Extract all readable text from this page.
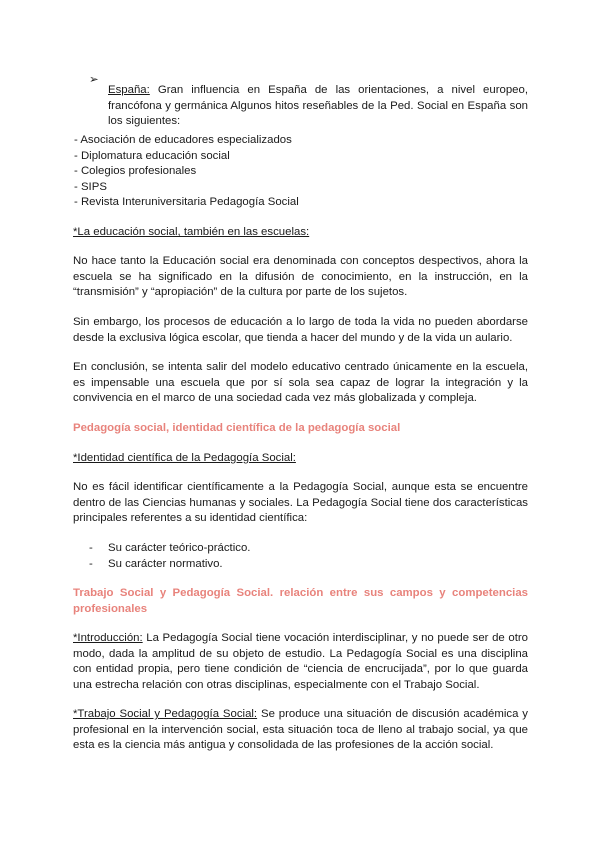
➢

España: Gran influencia en España de las orientaciones, a nivel europeo, francófona y germánica Algunos hitos reseñables de la Ped. Social en España son los siguientes:

- Asociación de educadores especializados
- Diplomatura educación social
- Colegios profesionales
- SIPS
- Revista Interuniversitaria Pedagogía Social

*La educación social, también en las escuelas:

No hace tanto la Educación social era denominada con conceptos despectivos, ahora la escuela se ha significado en la difusión de conocimiento, en la instrucción, en la “transmisión” y “apropiación” de la cultura por parte de los sujetos.

Sin embargo, los procesos de educación a lo largo de toda la vida no pueden abordarse desde la exclusiva lógica escolar, que tienda a hacer del mundo y de la vida un aulario.

En conclusión, se intenta salir del modelo educativo centrado únicamente en la escuela, es impensable una escuela que por sí sola sea capaz de lograr la integración y la convivencia en el marco de una sociedad cada vez más globalizada y compleja.

Pedagogía social, identidad científica de la pedagogía social

*Identidad científica de la Pedagogía Social:

No es fácil identificar científicamente a la Pedagogía Social, aunque esta se encuentre dentro de las Ciencias humanas y sociales. La Pedagogía Social tiene dos características principales referentes a su identidad científica:

- Su carácter teórico-práctico.
- Su carácter normativo.

Trabajo Social y Pedagogía Social. relación entre sus campos y competencias profesionales

*Introducción: La Pedagogía Social tiene vocación interdisciplinar, y no puede ser de otro modo, dada la amplitud de su objeto de estudio. La Pedagogía Social es una disciplina con entidad propia, pero tiene condición de “ciencia de encrucijada”, por lo que guarda una estrecha relación con otras disciplinas, especialmente con el Trabajo Social.

*Trabajo Social y Pedagogía Social: Se produce una situación de discusión académica y profesional en la intervención social, esta situación toca de lleno al trabajo social, ya que esta es la ciencia más antigua y consolidada de las profesiones de la acción social.
